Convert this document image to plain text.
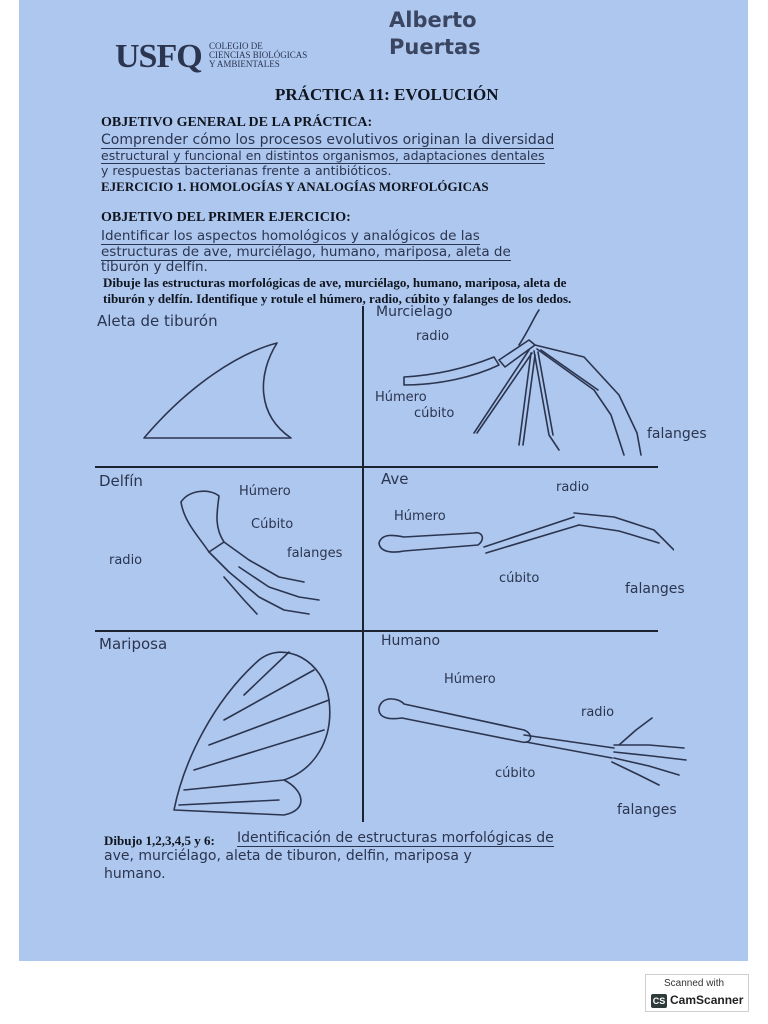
USFQ COLEGIO DE
CIENCIAS BIOLÓGICAS
Y AMBIENTALES
Alberto
Puertas
PRÁCTICA 11: EVOLUCIÓN
OBJETIVO GENERAL DE LA PRÁCTICA:
Comprender cómo los procesos evolutivos originan la diversidad
estructural y funcional en distintos organismos, adaptaciones dentales
y respuestas bacterianas frente a antibióticos.
EJERCICIO 1. HOMOLOGÍAS Y ANALOGÍAS MORFOLÓGICAS
OBJETIVO DEL PRIMER EJERCICIO:
Identificar los aspectos homológicos y analógicos de las
estructuras de ave, murciélago, humano, mariposa, aleta de
tiburón y delfín.
Dibuje las estructuras morfológicas de ave, murciélago, humano, mariposa, aleta de
tiburón y delfín. Identifique y rotule el húmero, radio, cúbito y falanges de los dedos.
Aleta de tiburón	Murcielago
radio
Húmero
cúbito
falanges
Delfín
Húmero
Cúbito
radio	falanges
Ave	radio
Húmero
cúbito
falanges
Mariposa	Humano
Húmero
radio
cúbito
falanges
Dibujo 1,2,3,4,5 y 6: Identificación de estructuras morfológicas de
ave, murciélago, aleta de tiburon, delfin, mariposa y
humano.
Scanned with
CS CamScanner
